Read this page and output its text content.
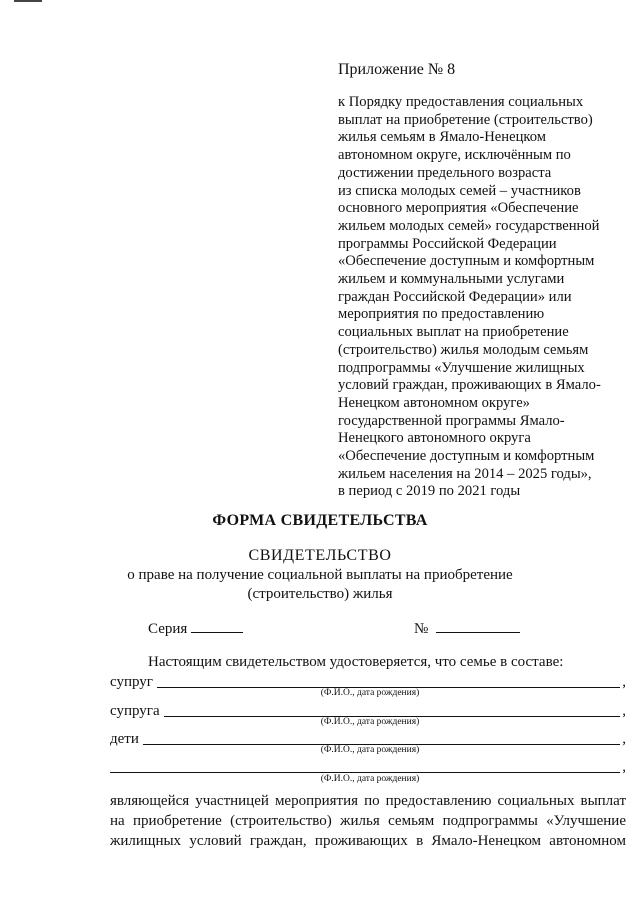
Приложение № 8
к Порядку предоставления социальных
выплат на приобретение (строительство)
жилья семьям в Ямало-Ненецком
автономном округе, исключённым по
достижении предельного возраста
из списка молодых семей – участников
основного мероприятия «Обеспечение
жильем молодых семей» государственной
программы Российской Федерации
«Обеспечение доступным и комфортным
жильем и коммунальными услугами
граждан Российской Федерации» или
мероприятия по предоставлению
социальных выплат на приобретение
(строительство) жилья молодым семьям
подпрограммы «Улучшение жилищных
условий граждан, проживающих в Ямало-
Ненецком автономном округе»
государственной программы Ямало-
Ненецкого автономного округа
«Обеспечение доступным и комфортным
жильем населения на 2014 – 2025 годы»,
в период с 2019 по 2021 годы
ФОРМА СВИДЕТЕЛЬСТВА
СВИДЕТЕЛЬСТВО
о праве на получение социальной выплаты на приобретение
(строительство) жилья
Серия	№
Настоящим свидетельством удостоверяется, что семье в составе:
супруг	,
(Ф.И.О., дата рождения)
супруга	,
(Ф.И.О., дата рождения)
дети	,
(Ф.И.О., дата рождения)
,
(Ф.И.О., дата рождения)
являющейся участницей мероприятия по предоставлению социальных выплат
на приобретение (строительство) жилья семьям подпрограммы «Улучшение
жилищных условий граждан, проживающих в Ямало-Ненецком автономном
